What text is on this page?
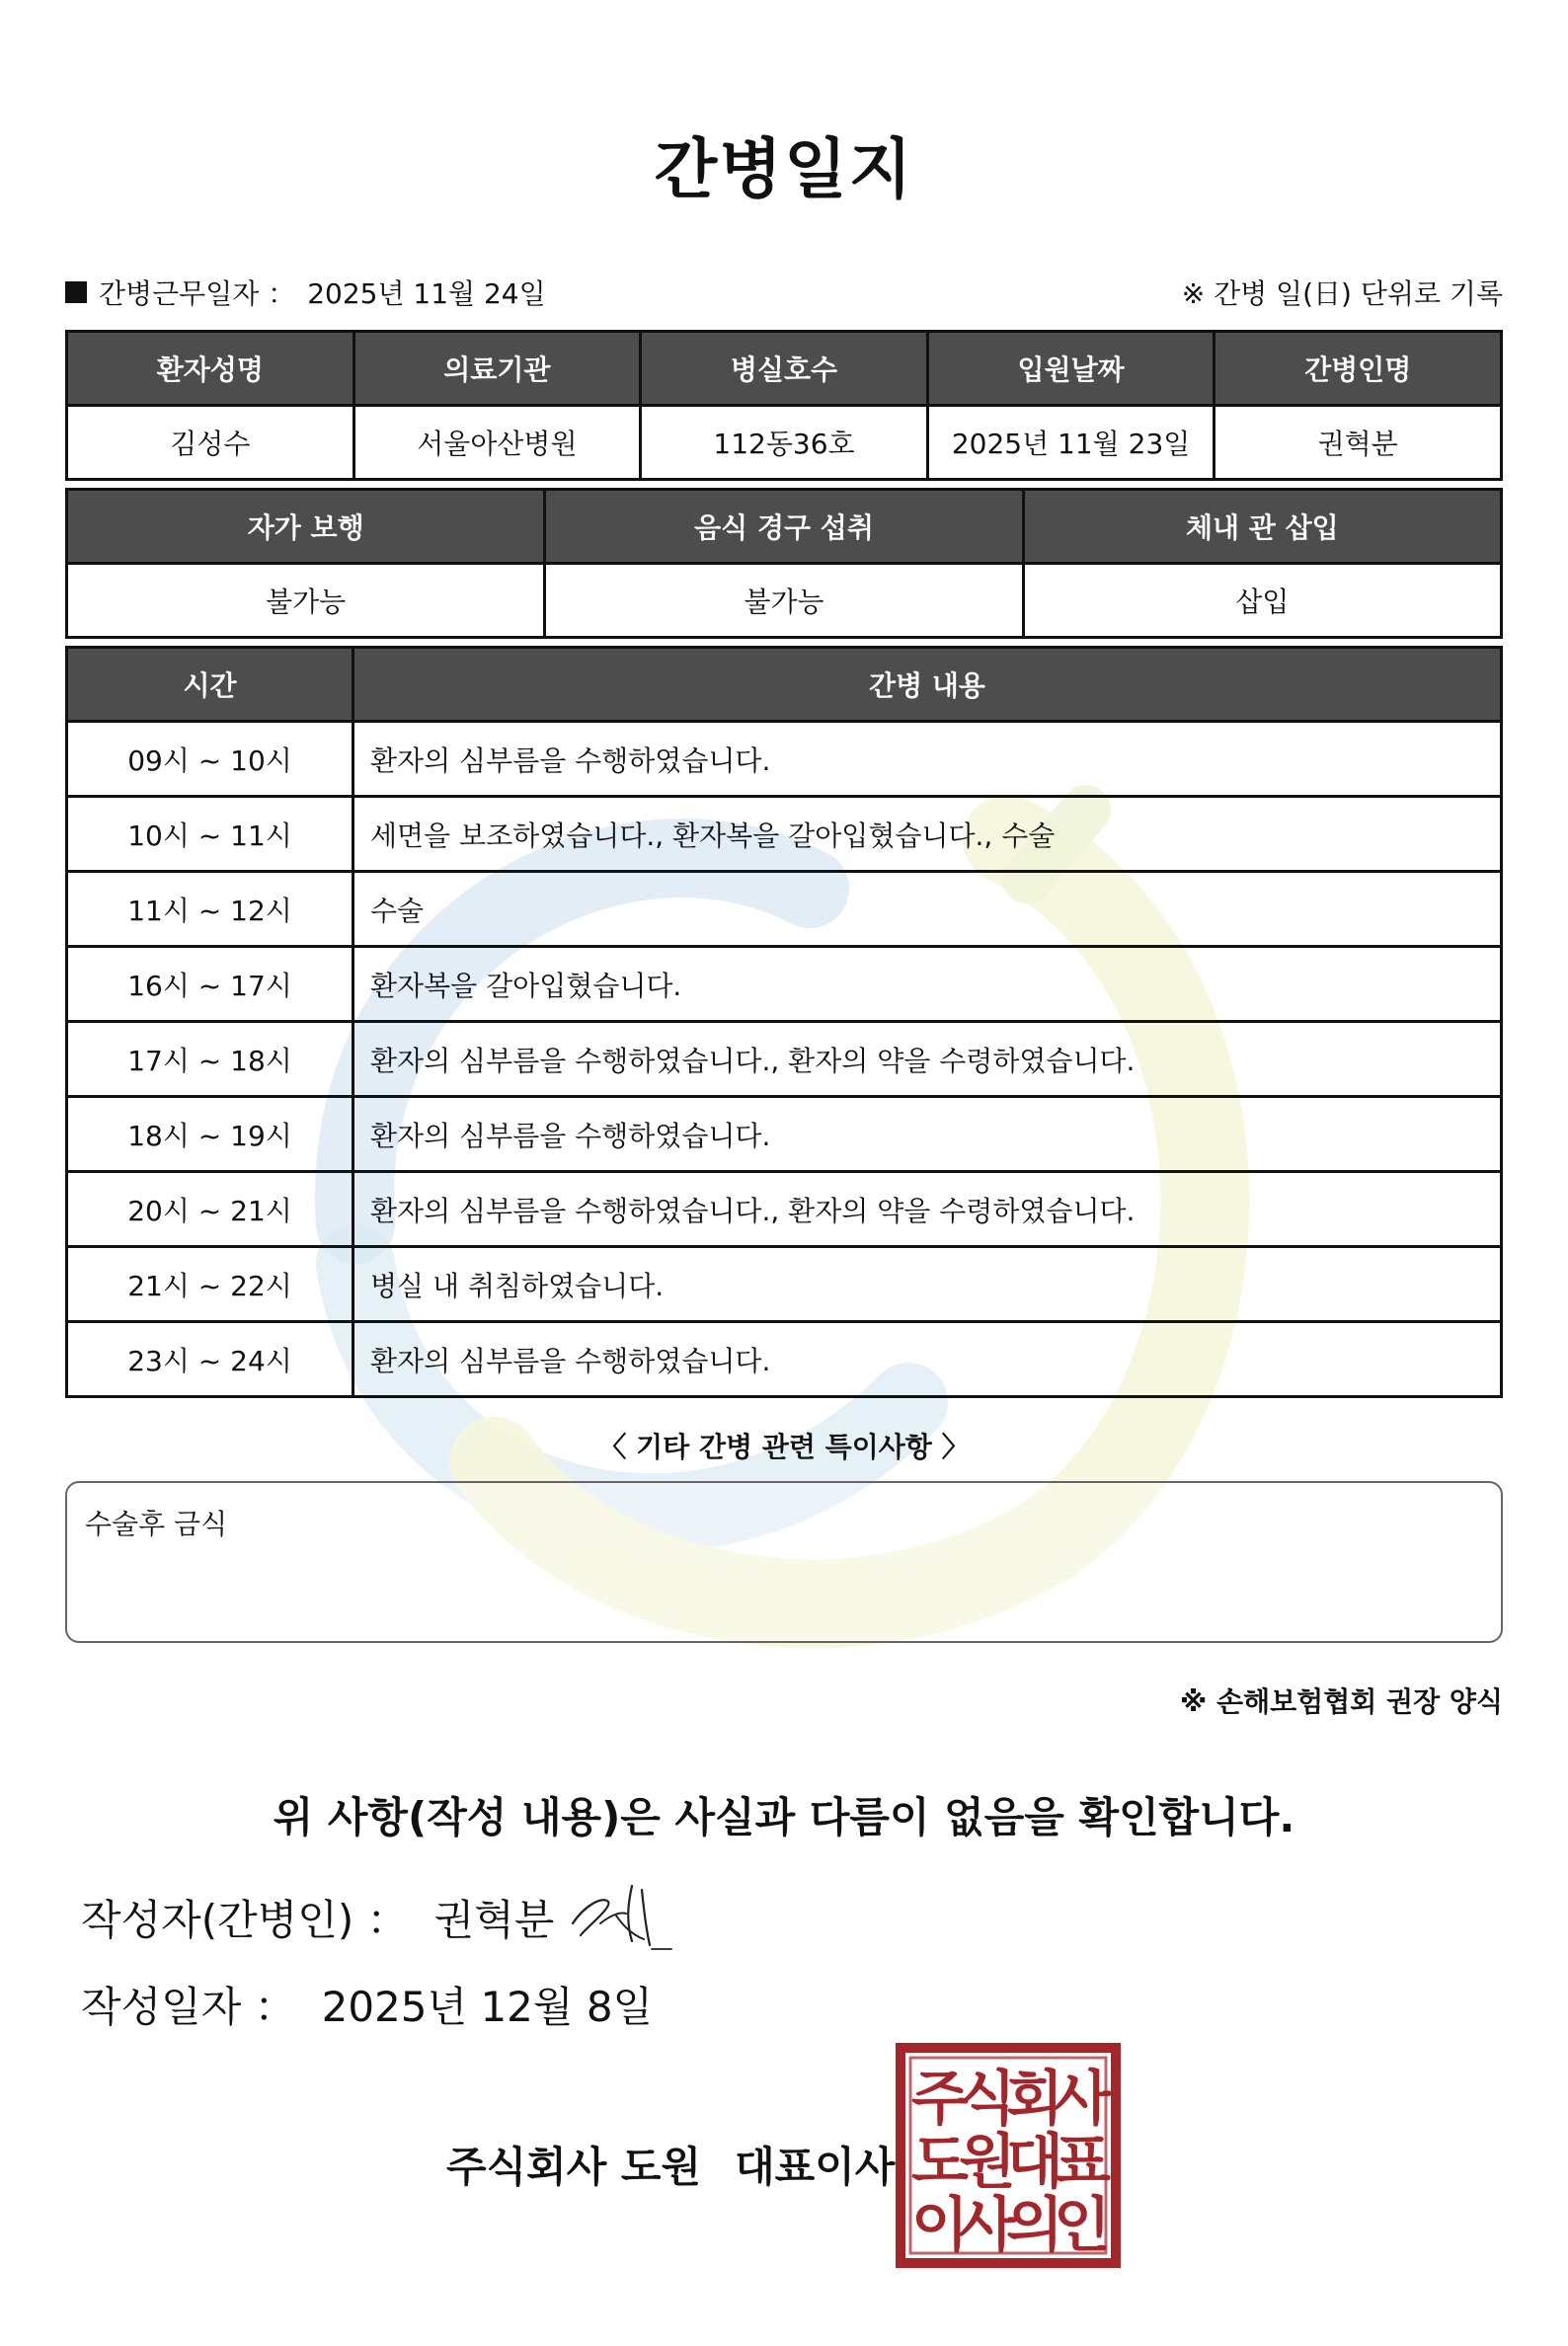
간병일지
간병근무일자 ： 2025년 11월 24일	※ 간병 일(日) 단위로 기록
환자성명	의료기관	병실호수	입원날짜	간병인명
김성수	서울아산병원	112동36호	2025년 11월 23일	권혁분
자가 보행	음식 경구 섭취	체내 관 삽입
불가능	불가능	삽입
시간	간병 내용
09시 ~ 10시	환자의 심부름을 수행하였습니다.
10시 ~ 11시	세면을 보조하였습니다., 환자복을 갈아입혔습니다., 수술
11시 ~ 12시	수술
16시 ~ 17시	환자복을 갈아입혔습니다.
17시 ~ 18시	환자의 심부름을 수행하였습니다., 환자의 약을 수령하였습니다.
18시 ~ 19시	환자의 심부름을 수행하였습니다.
20시 ~ 21시	환자의 심부름을 수행하였습니다., 환자의 약을 수령하였습니다.
21시 ~ 22시	병실 내 취침하였습니다.
23시 ~ 24시	환자의 심부름을 수행하였습니다.
〈 기타 간병 관련 특이사항 〉
수술후 금식
※ 손해보험협회 권장 양식
위 사항(작성 내용)은 사실과 다름이 없음을 확인합니다.
작성자(간병인) ： 권혁분
작성일자 ： 2025년 12월 8일
주식회사 도원 대표이사
주
식
회
사
도
원
대
표
이
사
의
인
